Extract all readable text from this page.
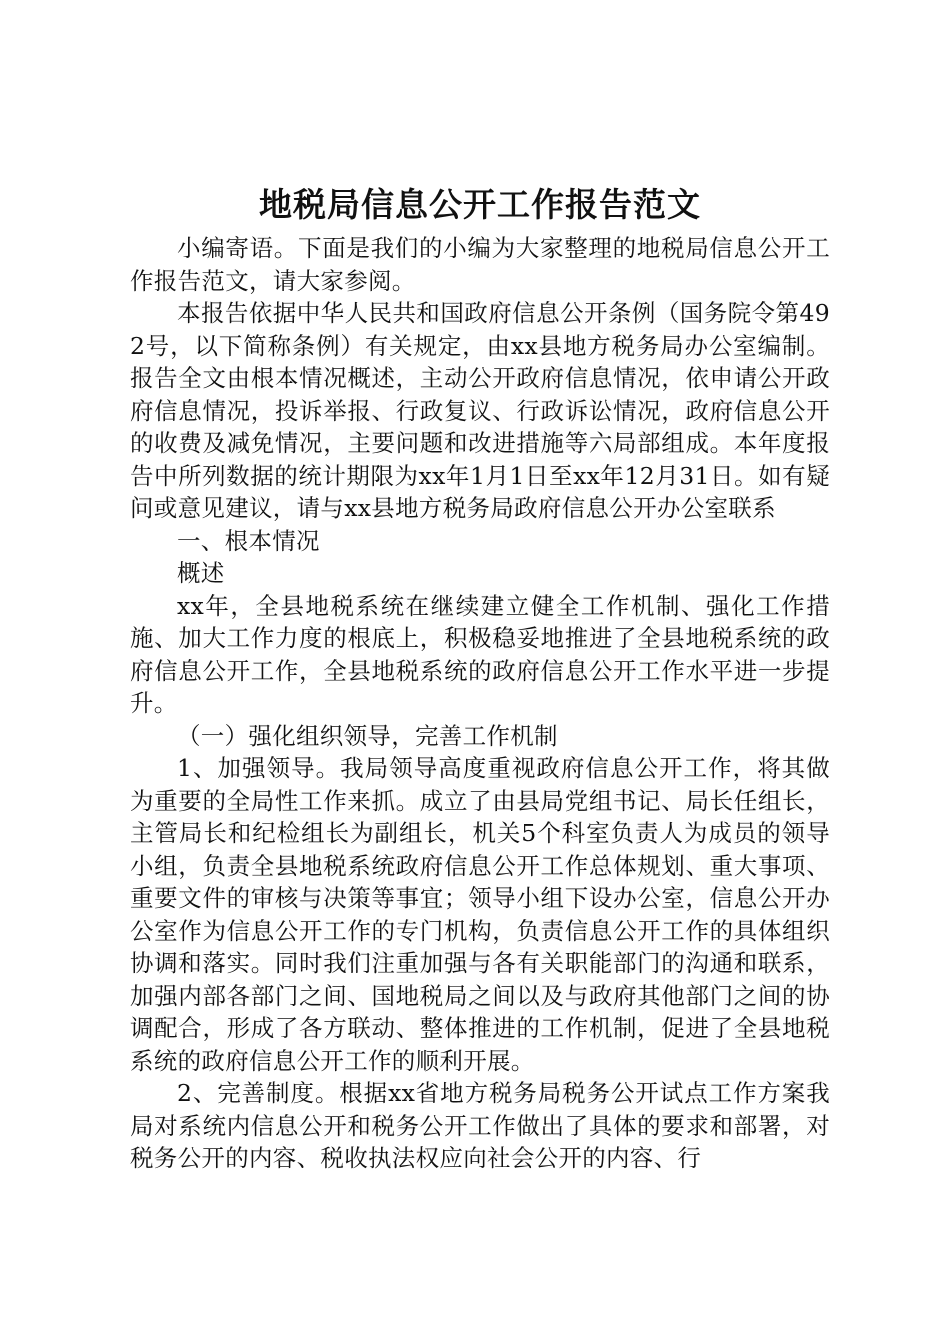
地税局信息公开工作报告范文

小编寄语。下面是我们的小编为大家整理的地税局信息公开工作报告范文，请大家参阅。

本报告依据中华人民共和国政府信息公开条例（国务院令第492号，以下简称条例）有关规定，由xx县地方税务局办公室编制。报告全文由根本情况概述，主动公开政府信息情况，依申请公开政府信息情况，投诉举报、行政复议、行政诉讼情况，政府信息公开的收费及减免情况，主要问题和改进措施等六局部组成。本年度报告中所列数据的统计期限为xx年1月1日至xx年12月31日。如有疑问或意见建议，请与xx县地方税务局政府信息公开办公室联系

一、根本情况

概述

xx年，全县地税系统在继续建立健全工作机制、强化工作措施、加大工作力度的根底上，积极稳妥地推进了全县地税系统的政府信息公开工作，全县地税系统的政府信息公开工作水平进一步提升。

（一）强化组织领导，完善工作机制

1、加强领导。我局领导高度重视政府信息公开工作，将其做为重要的全局性工作来抓。成立了由县局党组书记、局长任组长，主管局长和纪检组长为副组长，机关5个科室负责人为成员的领导小组，负责全县地税系统政府信息公开工作总体规划、重大事项、重要文件的审核与决策等事宜；领导小组下设办公室，信息公开办公室作为信息公开工作的专门机构，负责信息公开工作的具体组织协调和落实。同时我们注重加强与各有关职能部门的沟通和联系，加强内部各部门之间、国地税局之间以及与政府其他部门之间的协调配合，形成了各方联动、整体推进的工作机制，促进了全县地税系统的政府信息公开工作的顺利开展。

2、完善制度。根据xx省地方税务局税务公开试点工作方案我局对系统内信息公开和税务公开工作做出了具体的要求和部署，对税务公开的内容、税收执法权应向社会公开的内容、行
